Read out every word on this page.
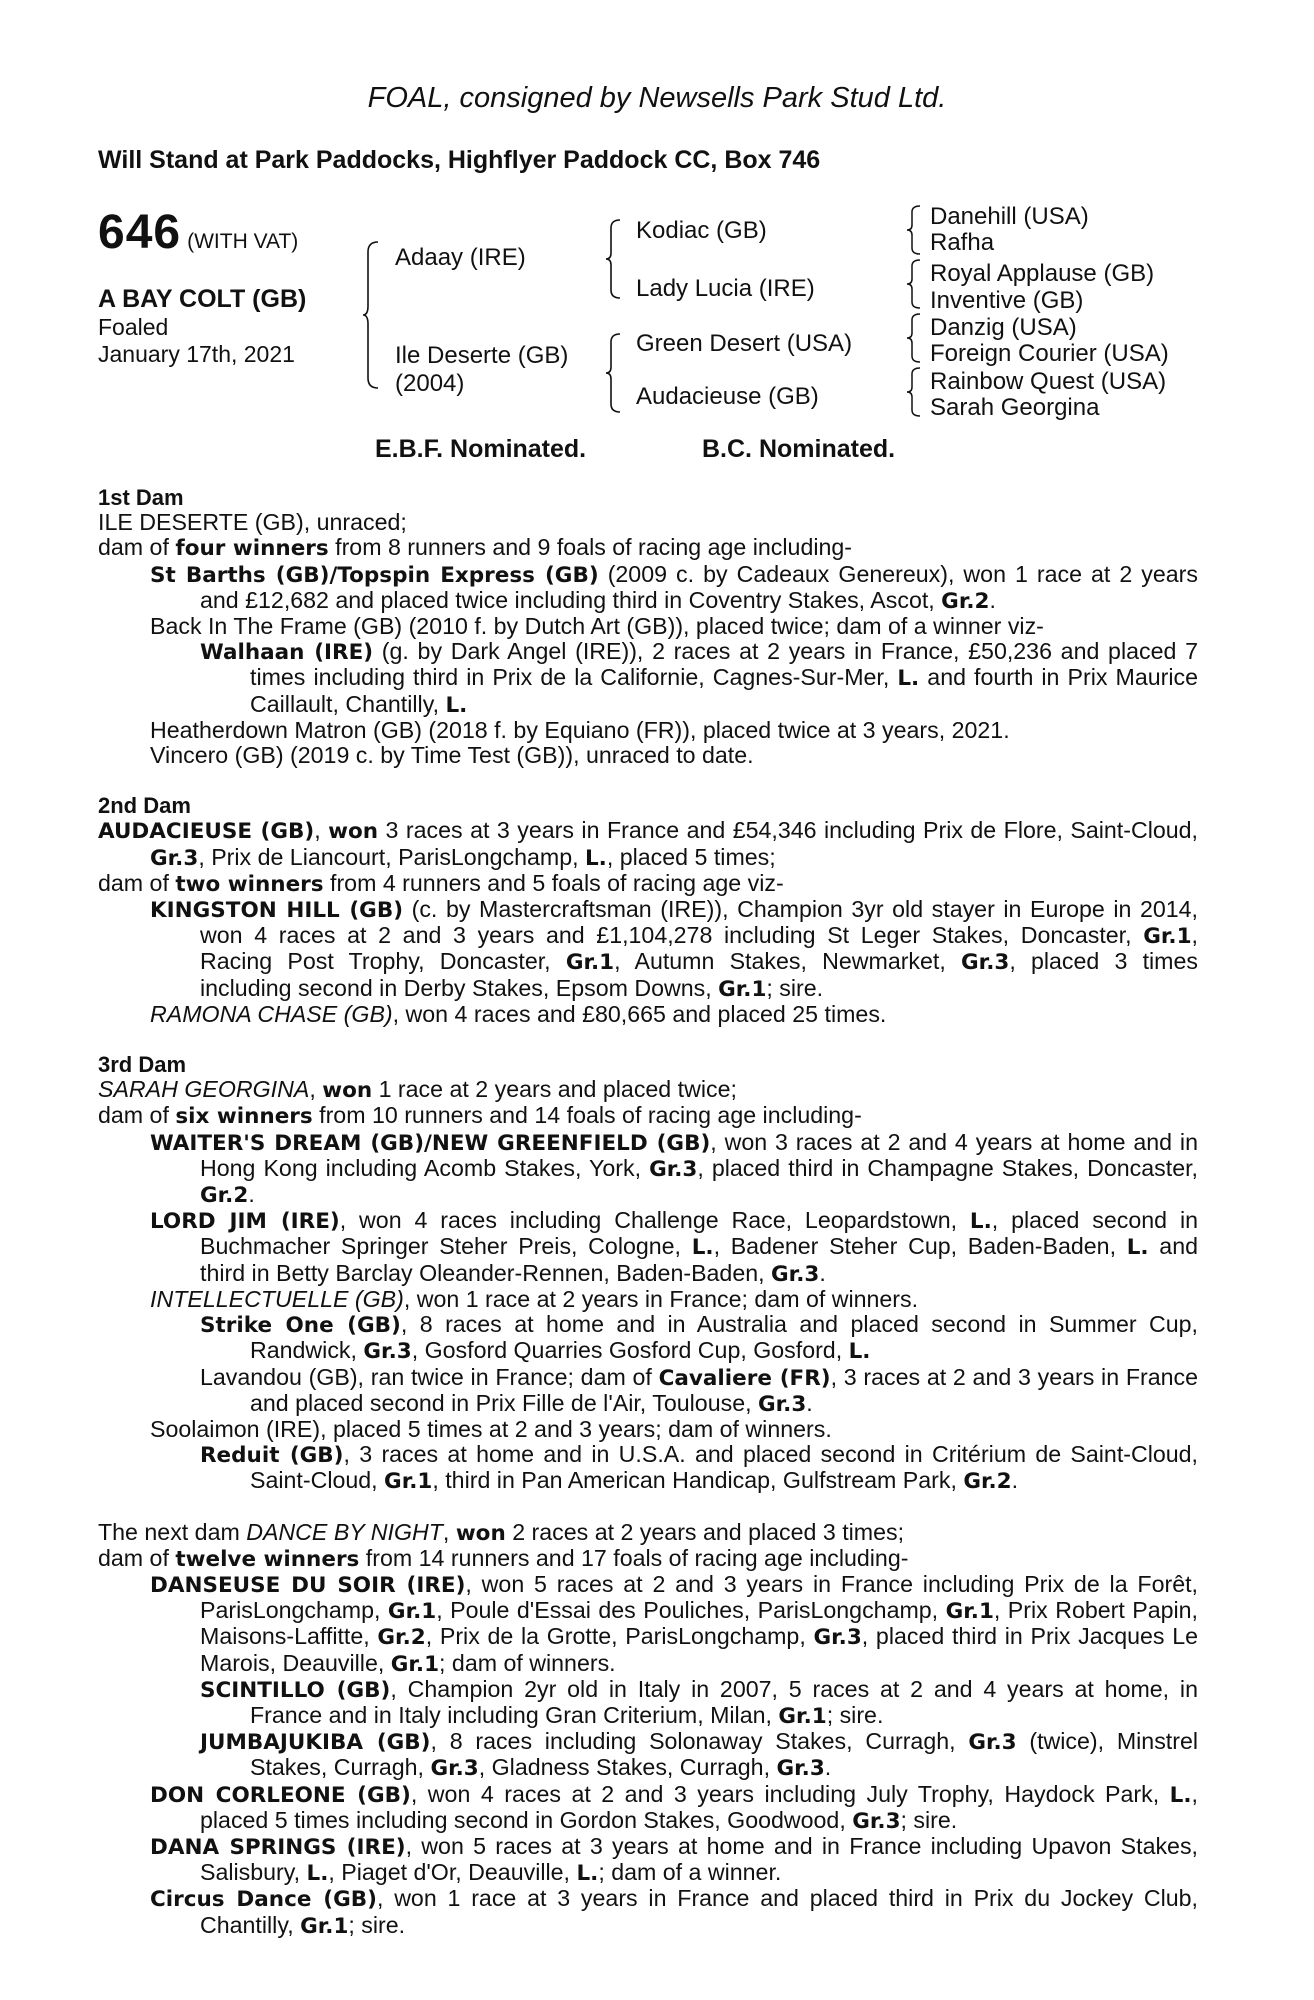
FOAL, consigned by Newsells Park Stud Ltd.
Will Stand at Park Paddocks, Highflyer Paddock CC, Box 746
646 (WITH VAT)
A BAY COLT (GB)
Foaled
January 17th, 2021
Adaay (IRE)
Ile Deserte (GB)
(2004)
Kodiac (GB)
Lady Lucia (IRE)
Green Desert (USA)
Audacieuse (GB)
Danehill (USA)
Rafha
Royal Applause (GB)
Inventive (GB)
Danzig (USA)
Foreign Courier (USA)
Rainbow Quest (USA)
Sarah Georgina
E.B.F. Nominated.	B.C. Nominated.

1st Dam

ILE DESERTE (GB), unraced;

dam of four winners from 8 runners and 9 foals of racing age including-

St Barths (GB)/Topspin Express (GB) (2009 c. by Cadeaux Genereux), won 1 race at 2 years and £12,682 and placed twice including third in Coventry Stakes, Ascot, Gr.2.

Back In The Frame (GB) (2010 f. by Dutch Art (GB)), placed twice; dam of a winner viz-

Walhaan (IRE) (g. by Dark Angel (IRE)), 2 races at 2 years in France, £50,236 and placed 7 times including third in Prix de la Californie, Cagnes-Sur-Mer, L. and fourth in Prix Maurice Caillault, Chantilly, L.

Heatherdown Matron (GB) (2018 f. by Equiano (FR)), placed twice at 3 years, 2021.

Vincero (GB) (2019 c. by Time Test (GB)), unraced to date.

2nd Dam

AUDACIEUSE (GB), won 3 races at 3 years in France and £54,346 including Prix de Flore, Saint-Cloud, Gr.3, Prix de Liancourt, ParisLongchamp, L., placed 5 times;

dam of two winners from 4 runners and 5 foals of racing age viz-

KINGSTON HILL (GB) (c. by Mastercraftsman (IRE)), Champion 3yr old stayer in Europe in 2014, won 4 races at 2 and 3 years and £1,104,278 including St Leger Stakes, Doncaster, Gr.1, Racing Post Trophy, Doncaster, Gr.1, Autumn Stakes, Newmarket, Gr.3, placed 3 times including second in Derby Stakes, Epsom Downs, Gr.1; sire.

RAMONA CHASE (GB), won 4 races and £80,665 and placed 25 times.

3rd Dam

SARAH GEORGINA, won 1 race at 2 years and placed twice;

dam of six winners from 10 runners and 14 foals of racing age including-

WAITER'S DREAM (GB)/NEW GREENFIELD (GB), won 3 races at 2 and 4 years at home and in Hong Kong including Acomb Stakes, York, Gr.3, placed third in Champagne Stakes, Doncaster, Gr.2.

LORD JIM (IRE), won 4 races including Challenge Race, Leopardstown, L., placed second in Buchmacher Springer Steher Preis, Cologne, L., Badener Steher Cup, Baden-Baden, L. and third in Betty Barclay Oleander-Rennen, Baden-Baden, Gr.3.

INTELLECTUELLE (GB), won 1 race at 2 years in France; dam of winners.

Strike One (GB), 8 races at home and in Australia and placed second in Summer Cup, Randwick, Gr.3, Gosford Quarries Gosford Cup, Gosford, L.

Lavandou (GB), ran twice in France; dam of Cavaliere (FR), 3 races at 2 and 3 years in France and placed second in Prix Fille de l'Air, Toulouse, Gr.3.

Soolaimon (IRE), placed 5 times at 2 and 3 years; dam of winners.

Reduit (GB), 3 races at home and in U.S.A. and placed second in Critérium de Saint-Cloud, Saint-Cloud, Gr.1, third in Pan American Handicap, Gulfstream Park, Gr.2.

The next dam DANCE BY NIGHT, won 2 races at 2 years and placed 3 times;

dam of twelve winners from 14 runners and 17 foals of racing age including-

DANSEUSE DU SOIR (IRE), won 5 races at 2 and 3 years in France including Prix de la Forêt, ParisLongchamp, Gr.1, Poule d'Essai des Pouliches, ParisLongchamp, Gr.1, Prix Robert Papin, Maisons-Laffitte, Gr.2, Prix de la Grotte, ParisLongchamp, Gr.3, placed third in Prix Jacques Le Marois, Deauville, Gr.1; dam of winners.

SCINTILLO (GB), Champion 2yr old in Italy in 2007, 5 races at 2 and 4 years at home, in France and in Italy including Gran Criterium, Milan, Gr.1; sire.

JUMBAJUKIBA (GB), 8 races including Solonaway Stakes, Curragh, Gr.3 (twice), Minstrel Stakes, Curragh, Gr.3, Gladness Stakes, Curragh, Gr.3.

DON CORLEONE (GB), won 4 races at 2 and 3 years including July Trophy, Haydock Park, L., placed 5 times including second in Gordon Stakes, Goodwood, Gr.3; sire.

DANA SPRINGS (IRE), won 5 races at 3 years at home and in France including Upavon Stakes, Salisbury, L., Piaget d'Or, Deauville, L.; dam of a winner.

Circus Dance (GB), won 1 race at 3 years in France and placed third in Prix du Jockey Club, Chantilly, Gr.1; sire.
